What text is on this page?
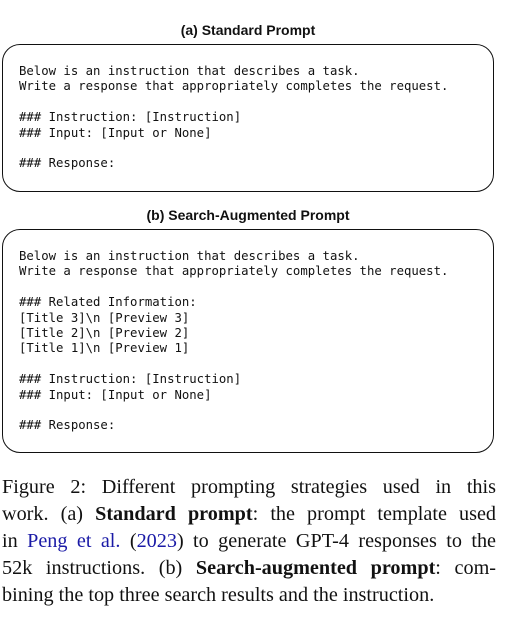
(a) Standard Prompt
Below is an instruction that describes a task.
Write a response that appropriately completes the request.
### Instruction: [Instruction]
### Input: [Input or None]
### Response:
(b) Search-Augmented Prompt
Below is an instruction that describes a task.
Write a response that appropriately completes the request.
### Related Information:
[Title 3]\n [Preview 3]
[Title 2]\n [Preview 2]
[Title 1]\n [Preview 1]
### Instruction: [Instruction]
### Input: [Input or None]
### Response:
Figure 2: Different prompting strategies used in this
work. (a) Standard prompt: the prompt template used
in Peng et al. (2023) to generate GPT-4 responses to the
52k instructions. (b) Search-augmented prompt: com-
bining the top three search results and the instruction.
